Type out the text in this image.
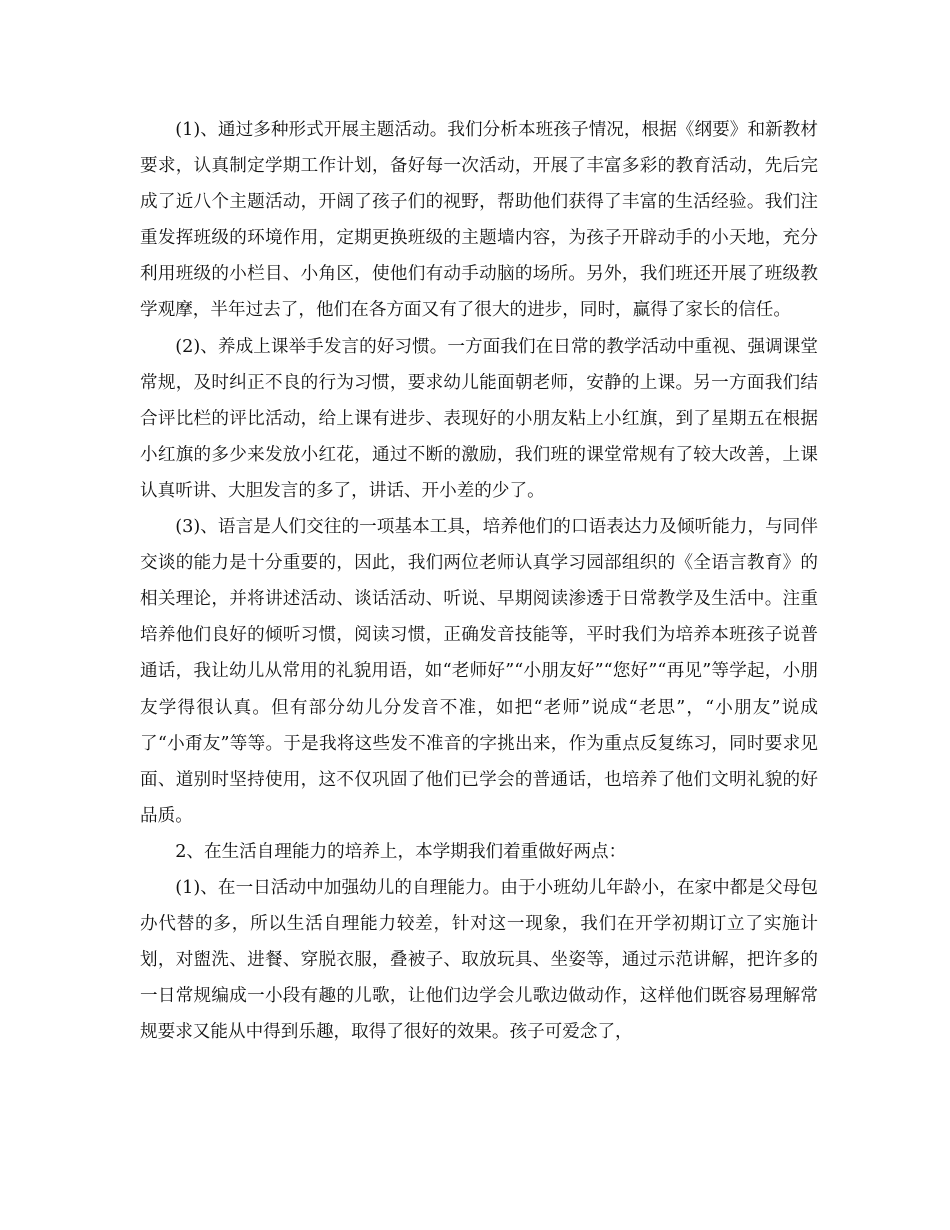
　　(1)、通过多种形式开展主题活动。我们分析本班孩子情况，根据《纲要》和新教材要求，认真制定学期工作计划，备好每一次活动，开展了丰富多彩的教育活动，先后完成了近八个主题活动，开阔了孩子们的视野，帮助他们获得了丰富的生活经验。我们注重发挥班级的环境作用，定期更换班级的主题墙内容，为孩子开辟动手的小天地，充分利用班级的小栏目、小角区，使他们有动手动脑的场所。另外，我们班还开展了班级教学观摩，半年过去了，他们在各方面又有了很大的进步，同时，赢得了家长的信任。

　　(2)、养成上课举手发言的好习惯。一方面我们在日常的教学活动中重视、强调课堂常规，及时纠正不良的行为习惯，要求幼儿能面朝老师，安静的上课。另一方面我们结合评比栏的评比活动，给上课有进步、表现好的小朋友粘上小红旗，到了星期五在根据小红旗的多少来发放小红花，通过不断的激励，我们班的课堂常规有了较大改善，上课认真听讲、大胆发言的多了，讲话、开小差的少了。

　　(3)、语言是人们交往的一项基本工具，培养他们的口语表达力及倾听能力，与同伴交谈的能力是十分重要的，因此，我们两位老师认真学习园部组织的《全语言教育》的相关理论，并将讲述活动、谈话活动、听说、早期阅读渗透于日常教学及生活中。注重培养他们良好的倾听习惯，阅读习惯，正确发音技能等，平时我们为培养本班孩子说普通话，我让幼儿从常用的礼貌用语，如“老师好”“小朋友好”“您好”“再见”等学起，小朋友学得很认真。但有部分幼儿分发音不准，如把“老师”说成“老思”，“小朋友”说成了“小甭友”等等。于是我将这些发不准音的字挑出来，作为重点反复练习，同时要求见面、道别时坚持使用，这不仅巩固了他们已学会的普通话，也培养了他们文明礼貌的好品质。

　　2、在生活自理能力的培养上，本学期我们着重做好两点：

　　(1)、在一日活动中加强幼儿的自理能力。由于小班幼儿年龄小，在家中都是父母包办代替的多，所以生活自理能力较差，针对这一现象，我们在开学初期订立了实施计划，对盥洗、进餐、穿脱衣服，叠被子、取放玩具、坐姿等，通过示范讲解，把许多的一日常规编成一小段有趣的儿歌，让他们边学会儿歌边做动作，这样他们既容易理解常规要求又能从中得到乐趣，取得了很好的效果。孩子可爱念了，
